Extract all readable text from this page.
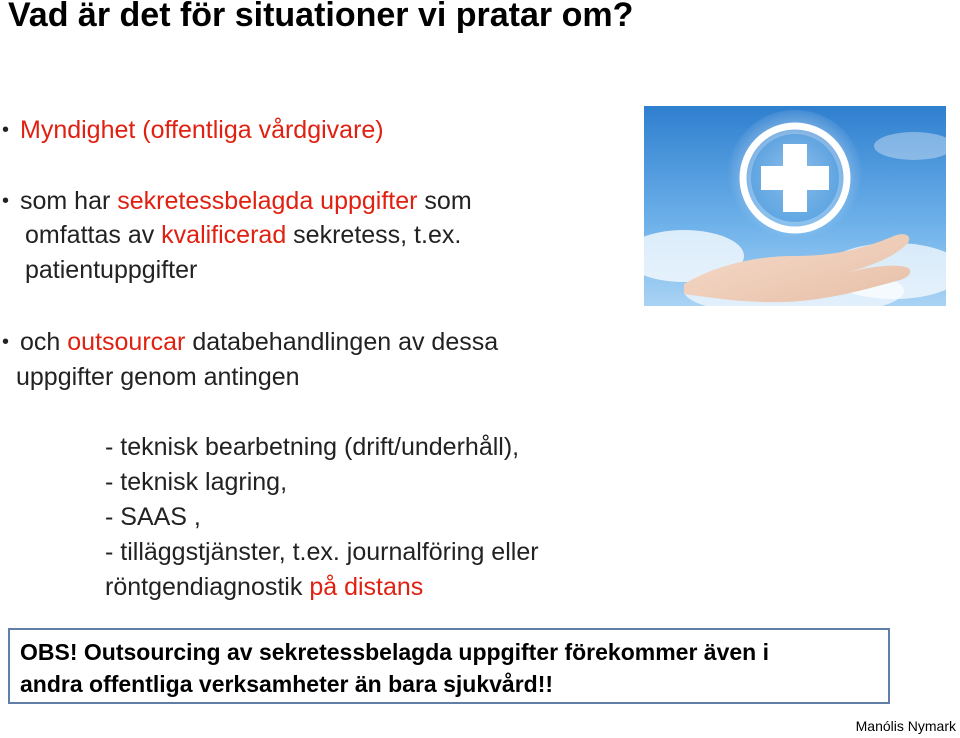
Vad är det för situationer vi pratar om?
• Myndighet (offentliga vårdgivare)
• som har sekretessbelagda uppgifter som
omfattas av kvalificerad sekretess, t.ex.
patientuppgifter
• och outsourcar databehandlingen av dessa
uppgifter genom antingen
- teknisk bearbetning (drift/underhåll),
- teknisk lagring,
- SAAS ,
- tilläggstjänster, t.ex. journalföring eller
röntgendiagnostik på distans
OBS! Outsourcing av sekretessbelagda uppgifter förekommer även i
andra offentliga verksamheter än bara sjukvård!!
Manólis Nymark
